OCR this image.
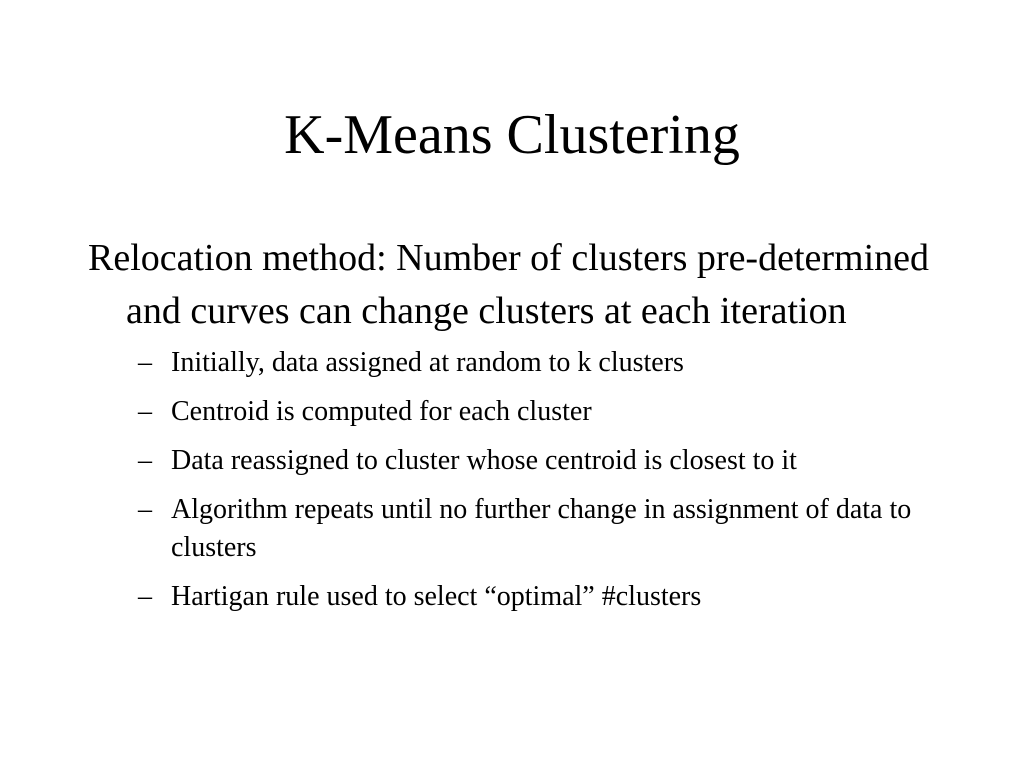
K-Means Clustering

Relocation method: Number of clusters pre-determined and curves can change clusters at each iteration

– Initially, data assigned at random to k clusters
– Centroid is computed for each cluster
– Data reassigned to cluster whose centroid is closest to it
– Algorithm repeats until no further change in assignment of data to clusters
– Hartigan rule used to select “optimal” #clusters
